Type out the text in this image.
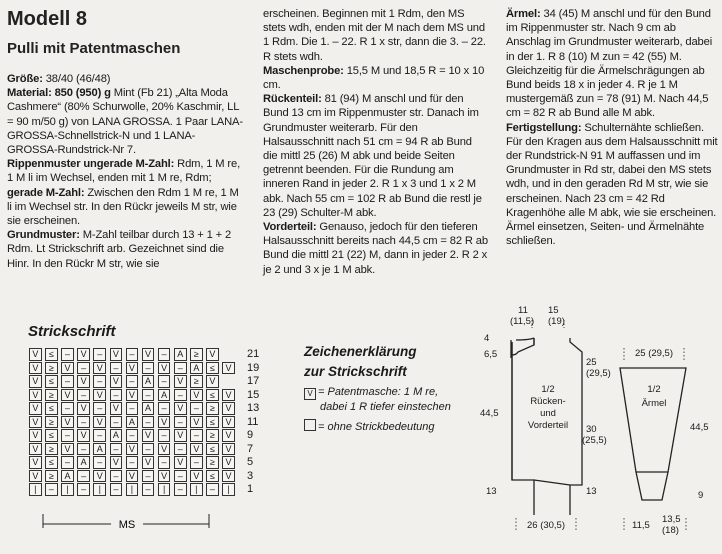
Modell 8
Pulli mit Patentmaschen

Größe: 38/40 (46/48)

Material: 850 (950) g Mint (Fb 21) „Alta Moda Cashmere“ (80% Schurwolle, 20% Kaschmir, LL = 90 m/50 g) von LANA GROSSA. 1 Paar LANA-GROSSA-Schnellstrick-N und 1 LANA-GROSSA-Rundstrick-Nr 7.

Rippenmuster ungerade M-Zahl: Rdm, 1 M re, 1 M li im Wechsel, enden mit 1 M re, Rdm; gerade M-Zahl: Zwischen den Rdm 1 M re, 1 M li im Wechsel str. In den Rückr jeweils M str, wie sie erscheinen.

Grundmuster: M-Zahl teilbar durch 13 + 1 + 2 Rdm. Lt Strickschrift arb. Gezeichnet sind die Hinr. In den Rückr M str, wie sie

erscheinen. Beginnen mit 1 Rdm, den MS stets wdh, enden mit der M nach dem MS und 1 Rdm. Die 1. – 22. R 1 x str, dann die 3. – 22. R stets wdh.

Maschenprobe: 15,5 M und 18,5 R = 10 x 10 cm.

Rückenteil: 81 (94) M anschl und für den Bund 13 cm im Rippenmuster str. Danach im Grundmuster weiterarb. Für den Halsausschnitt nach 51 cm = 94 R ab Bund die mittl 25 (26) M abk und beide Seiten getrennt beenden. Für die Rundung am inneren Rand in jeder 2. R 1 x 3 und 1 x 2 M abk. Nach 55 cm = 102 R ab Bund die restl je 23 (29) Schulter-M abk.

Vorderteil: Genauso, jedoch für den tieferen Halsausschnitt bereits nach 44,5 cm = 82 R ab Bund die mittl 21 (22) M, dann in jeder 2. R 2 x je 2 und 3 x je 1 M abk.

Ärmel: 34 (45) M anschl und für den Bund im Rippenmuster str. Nach 9 cm ab Anschlag im Grundmuster weiterarb, dabei in der 1. R 8 (10) M zun = 42 (55) M. Gleichzeitig für die Ärmelschrägungen ab Bund beids 18 x in jeder 4. R je 1 M mustergemäß zun = 78 (91) M. Nach 44,5 cm = 82 R ab Bund alle M abk.

Fertigstellung: Schulternähte schließen. Für den Kragen aus dem Halsausschnitt mit der Rundstrick-N 91 M auffassen und im Grundmuster in Rd str, dabei den MS stets wdh, und in den geraden Rd M str, wie sie erscheinen. Nach 23 cm = 42 Rd Kragenhöhe alle M abk, wie sie erscheinen. Ärmel einsetzen, Seiten- und Ärmelnähte schließen.

Strickschrift
V	≤	–	V	–	V	–	V	–	A	≥	V	21
V	≥	V	–	V	–	V	–	V	–	A	≤	V	19
V	≤	–	V	–	V	–	A	–	V	≥	V	17
V	≥	V	–	V	–	V	–	A	–	V	≤	V	15
V	≤	–	V	–	V	–	A	–	V	–	≥	V	13
V	≥	V	–	V	–	A	–	V	–	V	≤	V	11
V	≤	–	V	–	A	–	V	–	V	–	≥	V	9
V	≥	V	–	A	–	V	–	V	–	V	≤	V	7
V	≤	–	A	–	V	–	V	–	V	–	≥	V	5
V	≥	A	–	V	–	V	–	V	–	V	≤	V	3
|	–	|	–	|	–	|	–	|	–	|	–	|	1
MS
Zeichenerklärung
zur Strickschrift
V = Patentmasche: 1 M re,
dabei 1 R tiefer einstechen
= ohne Strickbedeutung
11
(11,5)
15
(19)
4
6,5
25
(29,5)
44,5
1/2
Rücken-
und
Vorderteil 30
(25,5)
13	13
26 (30,5)
25 (29,5)
1/2
Ärmel
44,5
9
11,5
13,5
(18)
